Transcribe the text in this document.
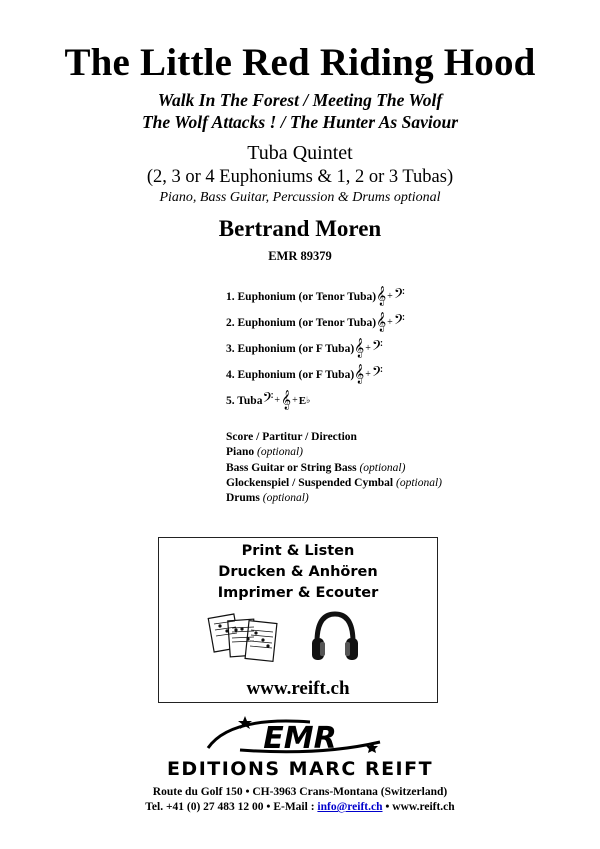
The Little Red Riding Hood
Walk In The Forest / Meeting The Wolf
The Wolf Attacks ! / The Hunter As Saviour
Tuba Quintet
(2, 3 or 4 Euphoniums & 1, 2 or 3 Tubas)
Piano, Bass Guitar, Percussion & Drums optional
Bertrand Moren
EMR 89379
1. Euphonium (or Tenor Tuba) 𝄞 + 𝄢
2. Euphonium (or Tenor Tuba) 𝄞 + 𝄢
3. Euphonium (or F Tuba) 𝄞 + 𝄢
4. Euphonium (or F Tuba) 𝄞 + 𝄢
5. Tuba 𝄢 + 𝄞 + E ♭
Score / Partitur / Direction
Piano (optional)
Bass Guitar or String Bass (optional)
Glockenspiel / Suspended Cymbal (optional)
Drums (optional)
Print & Listen
Drucken & Anhören
Imprimer & Ecouter
www.reift.ch
EMR
EDITIONS MARC REIFT
Route du Golf 150 • CH-3963 Crans-Montana (Switzerland)
Tel. +41 (0) 27 483 12 00 • E-Mail : info@reift.ch • www.reift.ch
